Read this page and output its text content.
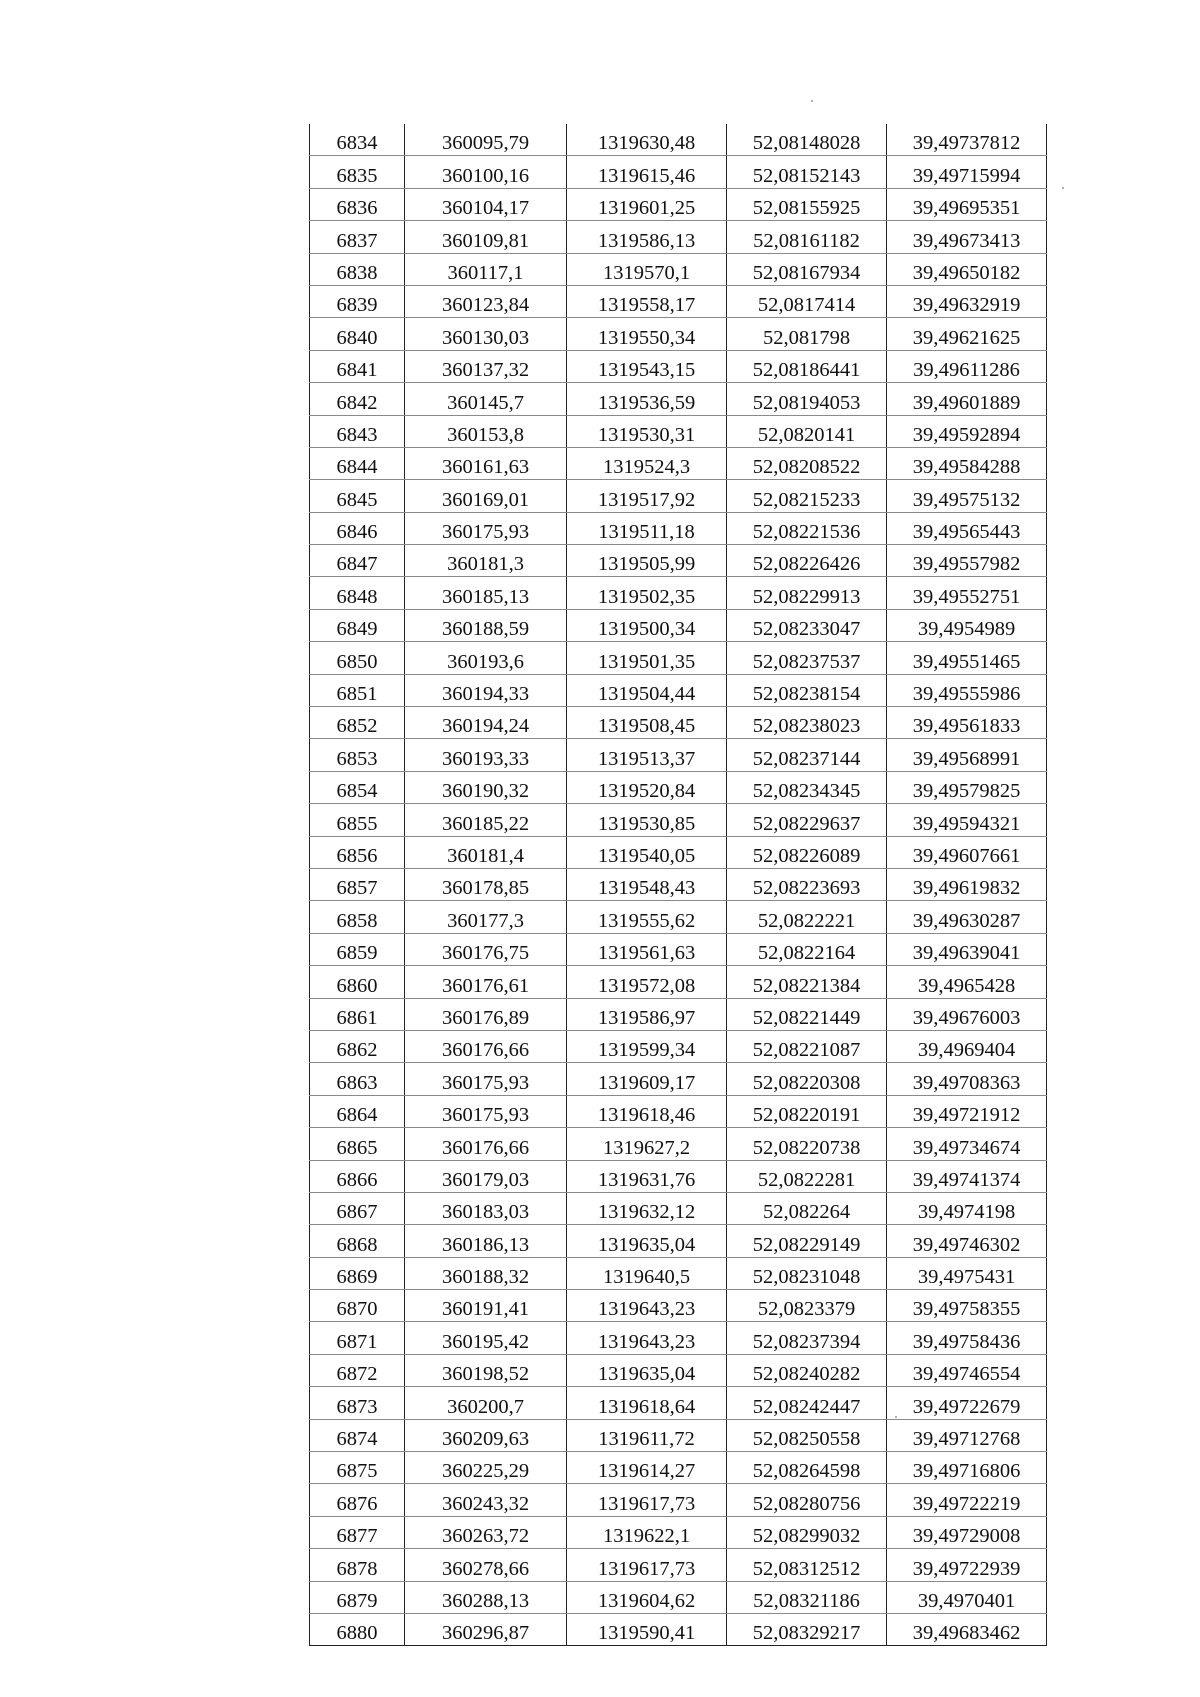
6834	360095,79	1319630,48	52,08148028	39,49737812
6835	360100,16	1319615,46	52,08152143	39,49715994
6836	360104,17	1319601,25	52,08155925	39,49695351
6837	360109,81	1319586,13	52,08161182	39,49673413
6838	360117,1	1319570,1	52,08167934	39,49650182
6839	360123,84	1319558,17	52,0817414	39,49632919
6840	360130,03	1319550,34	52,081798	39,49621625
6841	360137,32	1319543,15	52,08186441	39,49611286
6842	360145,7	1319536,59	52,08194053	39,49601889
6843	360153,8	1319530,31	52,0820141	39,49592894
6844	360161,63	1319524,3	52,08208522	39,49584288
6845	360169,01	1319517,92	52,08215233	39,49575132
6846	360175,93	1319511,18	52,08221536	39,49565443
6847	360181,3	1319505,99	52,08226426	39,49557982
6848	360185,13	1319502,35	52,08229913	39,49552751
6849	360188,59	1319500,34	52,08233047	39,4954989
6850	360193,6	1319501,35	52,08237537	39,49551465
6851	360194,33	1319504,44	52,08238154	39,49555986
6852	360194,24	1319508,45	52,08238023	39,49561833
6853	360193,33	1319513,37	52,08237144	39,49568991
6854	360190,32	1319520,84	52,08234345	39,49579825
6855	360185,22	1319530,85	52,08229637	39,49594321
6856	360181,4	1319540,05	52,08226089	39,49607661
6857	360178,85	1319548,43	52,08223693	39,49619832
6858	360177,3	1319555,62	52,0822221	39,49630287
6859	360176,75	1319561,63	52,0822164	39,49639041
6860	360176,61	1319572,08	52,08221384	39,4965428
6861	360176,89	1319586,97	52,08221449	39,49676003
6862	360176,66	1319599,34	52,08221087	39,4969404
6863	360175,93	1319609,17	52,08220308	39,49708363
6864	360175,93	1319618,46	52,08220191	39,49721912
6865	360176,66	1319627,2	52,08220738	39,49734674
6866	360179,03	1319631,76	52,0822281	39,49741374
6867	360183,03	1319632,12	52,082264	39,4974198
6868	360186,13	1319635,04	52,08229149	39,49746302
6869	360188,32	1319640,5	52,08231048	39,4975431
6870	360191,41	1319643,23	52,0823379	39,49758355
6871	360195,42	1319643,23	52,08237394	39,49758436
6872	360198,52	1319635,04	52,08240282	39,49746554
6873	360200,7	1319618,64	52,08242447	39,49722679
6874	360209,63	1319611,72	52,08250558	39,49712768
6875	360225,29	1319614,27	52,08264598	39,49716806
6876	360243,32	1319617,73	52,08280756	39,49722219
6877	360263,72	1319622,1	52,08299032	39,49729008
6878	360278,66	1319617,73	52,08312512	39,49722939
6879	360288,13	1319604,62	52,08321186	39,4970401
6880	360296,87	1319590,41	52,08329217	39,49683462
